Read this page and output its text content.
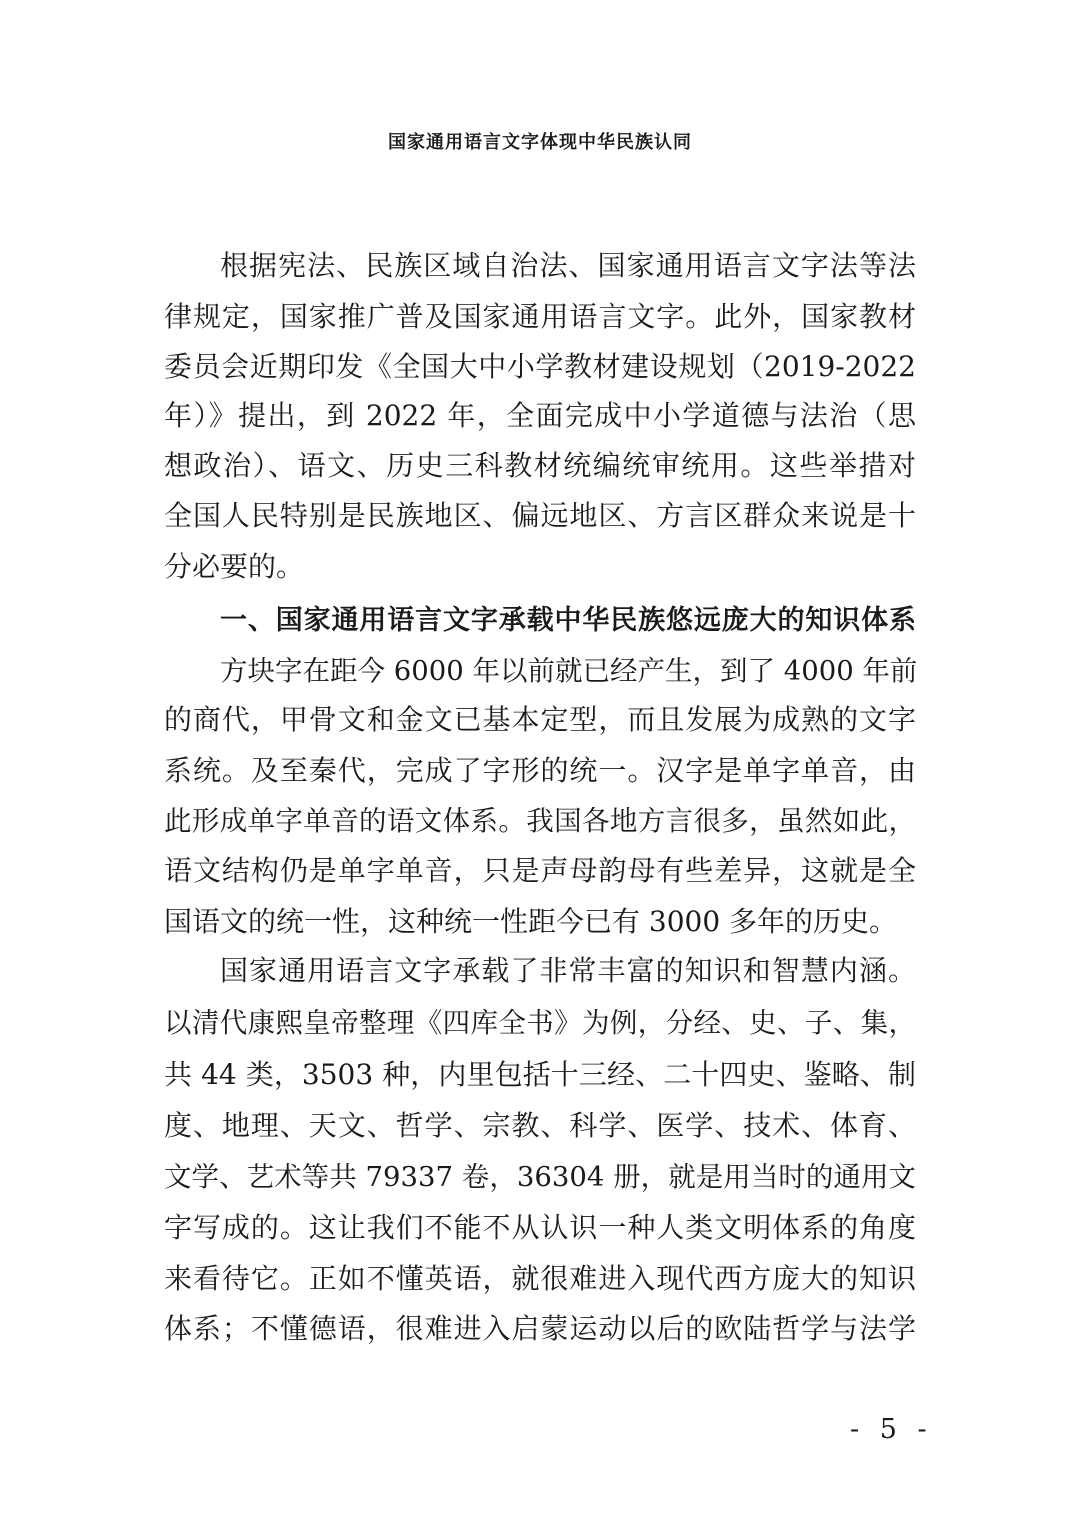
国家通用语言文字体现中华民族认同

根据宪法、民族区域自治法、国家通用语言文字法等法

律规定，国家推广普及国家通用语言文字。此外，国家教材

委员会近期印发《全国大中小学教材建设规划（2019-2022

年）》提出，到 2022 年，全面完成中小学道德与法治（思

想政治）、语文、历史三科教材统编统审统用。这些举措对

全国人民特别是民族地区、偏远地区、方言区群众来说是十

分必要的。

一、国家通用语言文字承载中华民族悠远庞大的知识体系

方块字在距今 6000 年以前就已经产生，到了 4000 年前

的商代，甲骨文和金文已基本定型，而且发展为成熟的文字

系统。及至秦代，完成了字形的统一。汉字是单字单音，由

此形成单字单音的语文体系。我国各地方言很多，虽然如此，

语文结构仍是单字单音，只是声母韵母有些差异，这就是全

国语文的统一性，这种统一性距今已有 3000 多年的历史。

国家通用语言文字承载了非常丰富的知识和智慧内涵。

以清代康熙皇帝整理《四库全书》为例，分经、史、子、集，

共 44 类，3503 种，内里包括十三经、二十四史、鉴略、制

度、地理、天文、哲学、宗教、科学、医学、技术、体育、

文学、艺术等共 79337 卷，36304 册，就是用当时的通用文

字写成的。这让我们不能不从认识一种人类文明体系的角度

来看待它。正如不懂英语，就很难进入现代西方庞大的知识

体系；不懂德语，很难进入启蒙运动以后的欧陆哲学与法学

- 5 -
